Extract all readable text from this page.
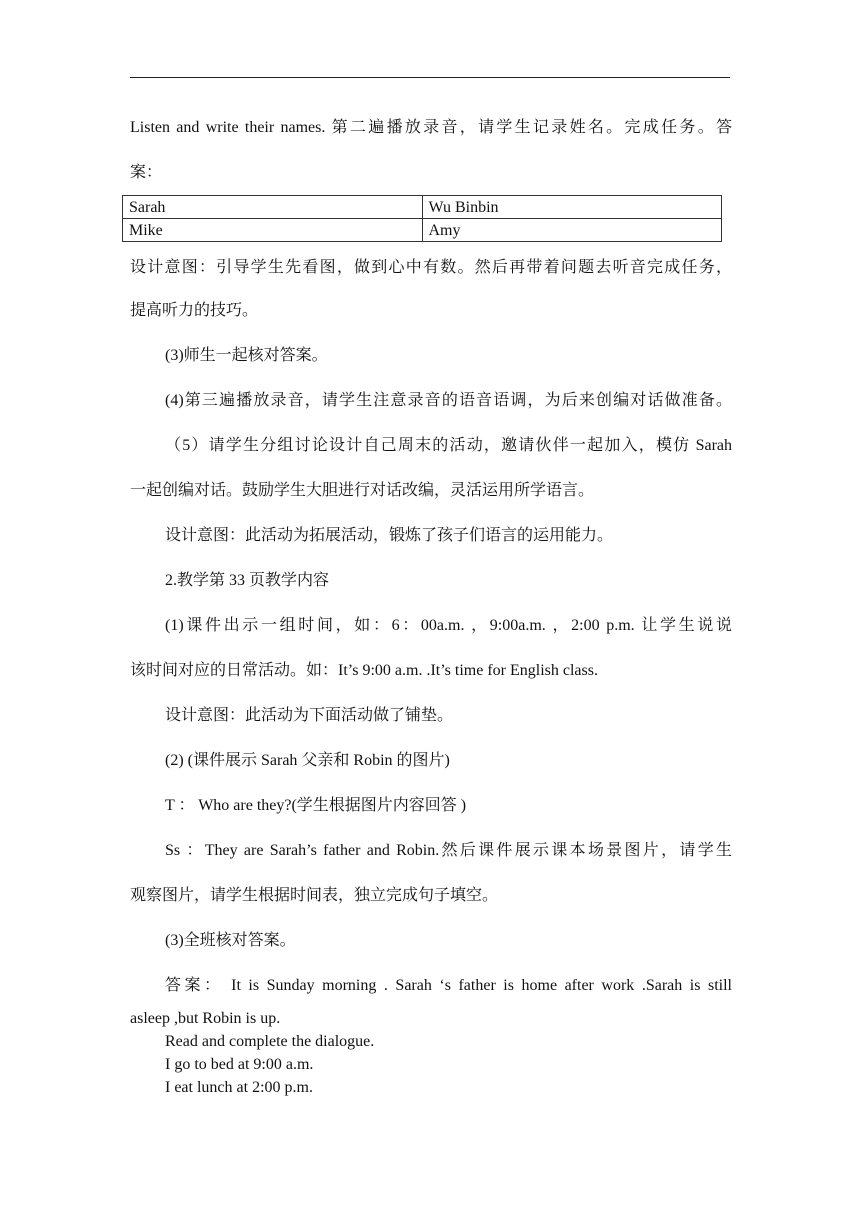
Listen and write their names. 第二遍播放录音，请学生记录姓名。完成任务。答
案：
Sarah	Wu Binbin
Mike	Amy
设计意图：引导学生先看图，做到心中有数。然后再带着问题去听音完成任务，
提高听力的技巧。
(3)师生一起核对答案。
(4)第三遍播放录音，请学生注意录音的语音语调，为后来创编对话做准备。
（5）请学生分组讨论设计自己周末的活动，邀请伙伴一起加入，模仿 Sarah
一起创编对话。鼓励学生大胆进行对话改编，灵活运用所学语言。
设计意图：此活动为拓展活动，锻炼了孩子们语言的运用能力。
2.教学第 33 页教学内容
(1)课件出示一组时间，如：6：00a.m. ，9:00a.m. ，2:00 p.m. 让学生说说
该时间对应的日常活动。如：It’s 9:00 a.m. .It’s time for English class.
设计意图：此活动为下面活动做了铺垫。
(2) (课件展示 Sarah 父亲和 Robin 的图片)
T ： Who are they?(学生根据图片内容回答 )
Ss ：They are Sarah’s father and Robin.然后课件展示课本场景图片，请学生
观察图片，请学生根据时间表，独立完成句子填空。
(3)全班核对答案。
答案： It is Sunday morning . Sarah ‘s father is home after work .Sarah is still
asleep ,but Robin is up.
Read and complete the dialogue.
I go to bed at 9:00 a.m.
I eat lunch at 2:00 p.m.
